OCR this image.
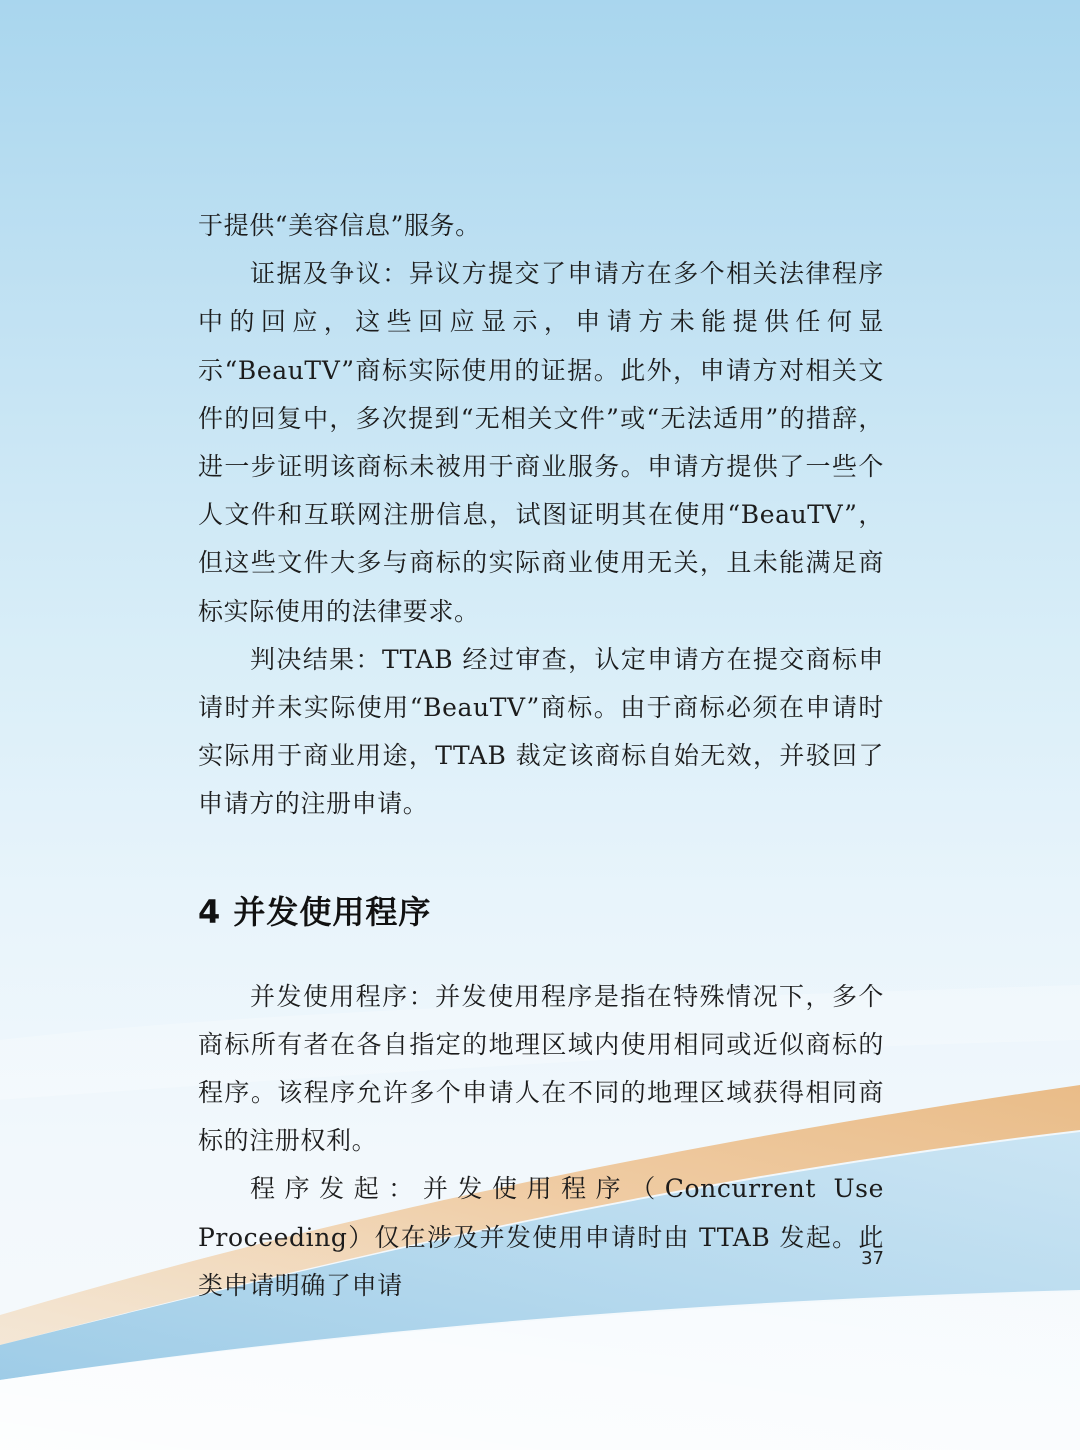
于提供“美容信息”服务。

证据及争议：异议方提交了申请方在多个相关法律程序中的回应，这些回应显示，申请方未能提供任何显示“BeauTV”商标实际使用的证据。此外，申请方对相关文件的回复中，多次提到“无相关文件”或“无法适用”的措辞，进一步证明该商标未被用于商业服务。申请方提供了一些个人文件和互联网注册信息，试图证明其在使用“BeauTV”，但这些文件大多与商标的实际商业使用无关，且未能满足商标实际使用的法律要求。

判决结果：TTAB 经过审查，认定申请方在提交商标申请时并未实际使用“BeauTV”商标。由于商标必须在申请时实际用于商业用途，TTAB 裁定该商标自始无效，并驳回了申请方的注册申请。

4 并发使用程序

并发使用程序：并发使用程序是指在特殊情况下，多个商标所有者在各自指定的地理区域内使用相同或近似商标的程序。该程序允许多个申请人在不同的地理区域获得相同商标的注册权利。

程序发起：并发使用程序（Concurrent Use Proceeding）仅在涉及并发使用申请时由 TTAB 发起。此类申请明确了申请

37
